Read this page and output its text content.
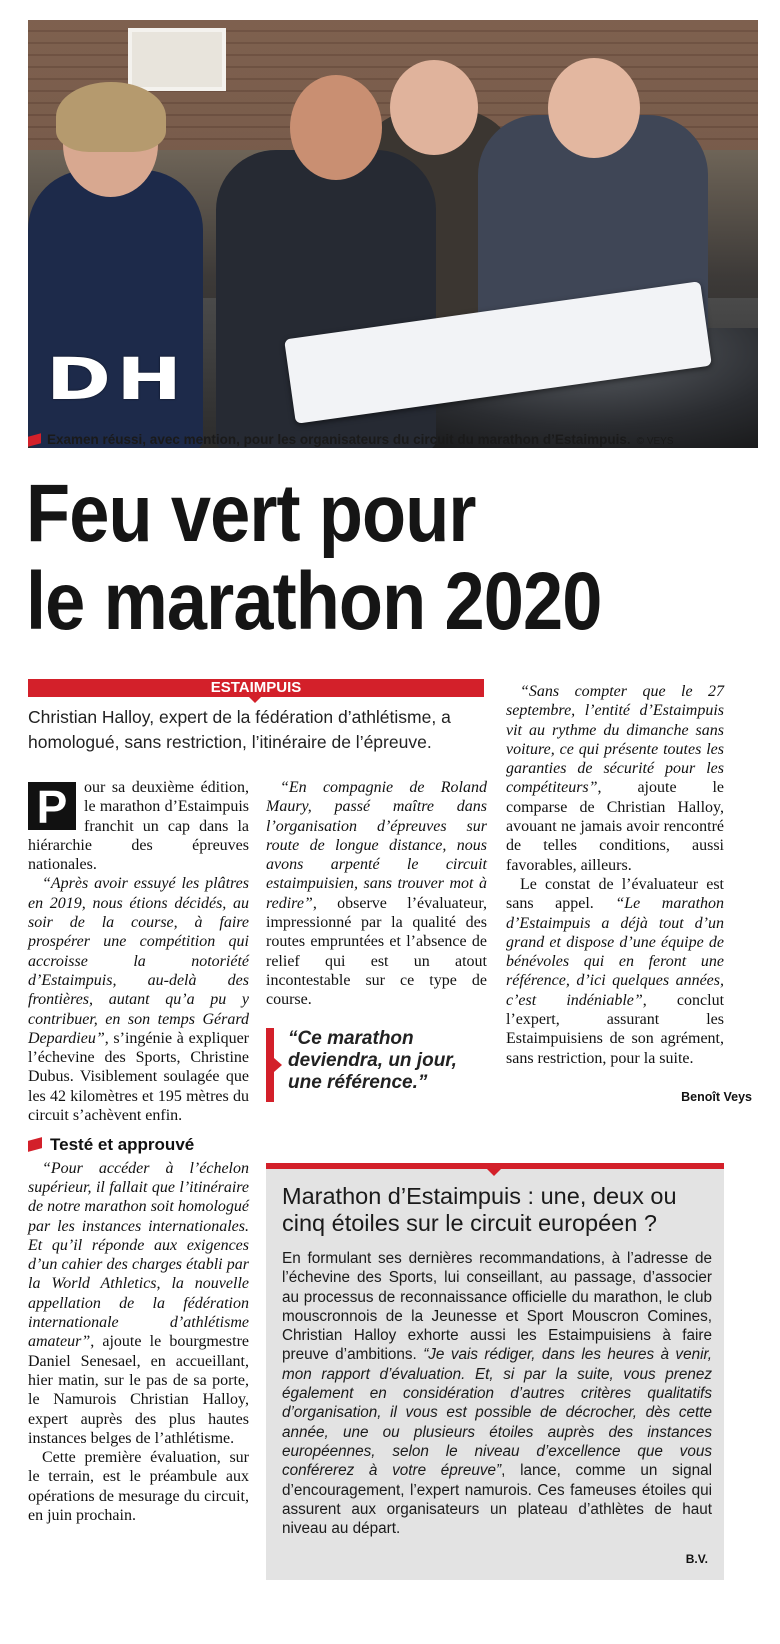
DH
Examen réussi, avec mention, pour les organisateurs du circuit du marathon d’Estaimpuis. © VEYS
Feu vert pour
le marathon 2020
ESTAIMPUIS

Christian Halloy, expert de la fédération d’athlétisme, a homologué, sans restriction, l’itinéraire de l’épreuve.

P	our sa deuxième édition, le marathon d’Estaimpuis franchit un cap dans la hiérarchie des épreuves nationales.

“Après avoir essuyé les plâtres en 2019, nous étions décidés, au soir de la course, à faire prospérer une compétition qui accroisse la notoriété d’Estaimpuis, au-delà des frontières, autant qu’a pu y contribuer, en son temps Gérard Depardieu”, s’ingénie à expliquer l’échevine des Sports, Christine Dubus. Visiblement soulagée que les 42 kilomètres et 195 mètres du circuit s’achèvent enfin.

Testé et approuvé

“Pour accéder à l’échelon supérieur, il fallait que l’itinéraire de notre marathon soit homologué par les instances internationales. Et qu’il réponde aux exigences d’un cahier des charges établi par la World Athletics, la nouvelle appellation de la fédération internationale d’athlétisme amateur”, ajoute le bourgmestre Daniel Senesael, en accueillant, hier matin, sur le pas de sa porte, le Namurois Christian Halloy, expert auprès des plus hautes instances belges de l’athlétisme.

Cette première évaluation, sur le terrain, est le préambule aux opérations de mesurage du circuit, en juin prochain.

“En compagnie de Roland Maury, passé maître dans l’organisation d’épreuves sur route de longue distance, nous avons arpenté le circuit estaimpuisien, sans trouver mot à redire”, observe l’évaluateur, impressionné par la qualité des routes empruntées et l’absence de relief qui est un atout incontestable sur ce type de course.

“Ce marathon deviendra, un jour, une référence.”

“Sans compter que le 27 septembre, l’entité d’Estaimpuis vit au rythme du dimanche sans voiture, ce qui présente toutes les garanties de sécurité pour les compétiteurs”, ajoute le comparse de Christian Halloy, avouant ne jamais avoir rencontré de telles conditions, aussi favorables, ailleurs.

Le constat de l’évaluateur est sans appel. “Le marathon d’Estaimpuis a déjà tout d’un grand et dispose d’une équipe de bénévoles qui en feront une référence, d’ici quelques années, c’est indéniable”, conclut l’expert, assurant les Estaimpuisiens de son agrément, sans restriction, pour la suite.

Benoît Veys
Marathon d’Estaimpuis : une, deux ou cinq étoiles sur le circuit européen ?

En formulant ses dernières recommandations, à l’adresse de l’échevine des Sports, lui conseillant, au passage, d’associer au processus de reconnaissance officielle du marathon, le club mouscronnois de la Jeunesse et Sport Mouscron Comines, Christian Halloy exhorte aussi les Estaimpuisiens à faire preuve d’ambitions. “Je vais rédiger, dans les heures à venir, mon rapport d’évaluation. Et, si par la suite, vous prenez également en considération d’autres critères qualitatifs d’organisation, il vous est possible de décrocher, dès cette année, une ou plusieurs étoiles auprès des instances européennes, selon le niveau d’excellence que vous conférerez à votre épreuve”, lance, comme un signal d’encouragement, l’expert namurois. Ces fameuses étoiles qui assurent aux organisateurs un plateau d’athlètes de haut niveau au départ.

B.V.
